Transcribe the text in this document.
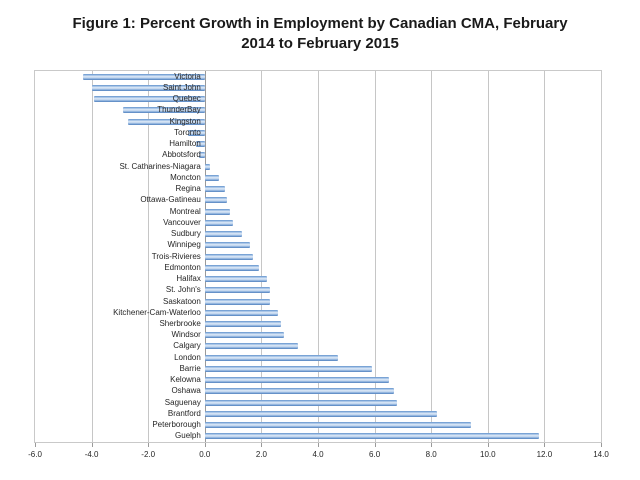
Figure 1: Percent Growth in Employment by Canadian CMA, February
2014 to February 2015
Victoria
Saint John
Quebec
ThunderBay
Kingston
Toronto
Hamilton
Abbotsford
St. Catharines-Niagara
Moncton
Regina
Ottawa-Gatineau
Montreal
Vancouver
Sudbury
Winnipeg
Trois-Rivieres
Edmonton
Halifax
St. John's
Saskatoon
Kitchener-Cam-Waterloo
Sherbrooke
Windsor
Calgary
London
Barrie
Kelowna
Oshawa
Saguenay
Brantford
Peterborough
Guelph
-6.0	-4.0	-2.0	0.0	2.0	4.0	6.0	8.0	10.0	12.0	14.0
